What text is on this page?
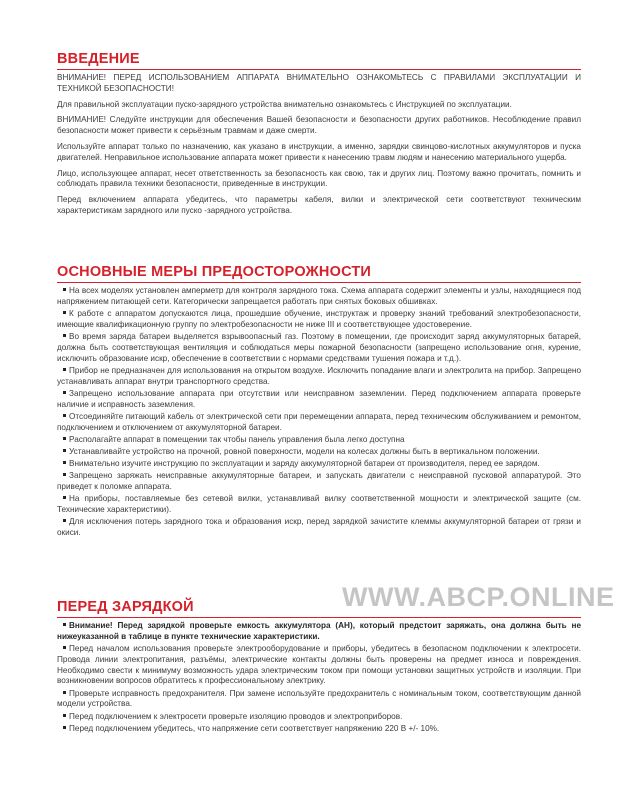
ВВЕДЕНИЕ

ВНИМАНИЕ! ПЕРЕД ИСПОЛЬЗОВАНИЕМ АППАРАТА ВНИМАТЕЛЬНО ОЗНАКОМЬТЕСЬ С ПРАВИЛАМИ ЭКСПЛУАТАЦИИ И ТЕХНИКОЙ БЕЗОПАСНОСТИ!

Для правильной эксплуатации пуско-зарядного устройства внимательно ознакомьтесь с Инструкцией по эксплуатации.

ВНИМАНИЕ! Следуйте инструкции для обеспечения Вашей безопасности и безопасности других работников. Несоблюдение правил безопасности может привести к серьёзным травмам и даже смерти.

Используйте аппарат только по назначению, как указано в инструкции, а именно, зарядки свинцово-кислотных аккумуляторов и пуска двигателей. Неправильное использование аппарата может привести к нанесению травм людям и нанесению материального ущерба.

Лицо, использующее аппарат, несет ответственность за безопасность как свою, так и других лиц. Поэтому важно прочитать, помнить и соблюдать правила техники безопасности, приведенные в инструкции.

Перед включением аппарата убедитесь, что параметры кабеля, вилки и электрической сети соответствуют техническим характеристикам зарядного или пуско -зарядного устройства.

ОСНОВНЫЕ МЕРЫ ПРЕДОСТОРОЖНОСТИ

На всех моделях установлен амперметр для контроля зарядного тока. Схема аппарата содержит элементы и узлы, находящиеся под напряжением питающей сети. Категорически запрещается работать при снятых боковых обшивках.

К работе с аппаратом допускаются лица, прошедшие обучение, инструктаж и проверку знаний требований электробезопасности, имеющие квалификационную группу по электробезопасности не ниже III и соответствующее удостоверение.

Во время заряда батареи выделяется взрывоопасный газ. Поэтому в помещении, где происходит заряд аккумуляторных батарей, должна быть соответствующая вентиляция и соблюдаться меры пожарной безопасности (запрещено использование огня, курение, исключить образование искр, обеспечение в соответствии с нормами средствами тушения пожара и т.д.).

Прибор не предназначен для использования на открытом воздухе. Исключить попадание влаги и электролита на прибор. Запрещено устанавливать аппарат внутри транспортного средства.

Запрещено использование аппарата при отсутствии или неисправном заземлении. Перед подключением аппарата проверьте наличие и исправность заземления.

Отсоединяйте питающий кабель от электрической сети при перемещении аппарата, перед техническим обслуживанием и ремонтом, подключением и отключением от аккумуляторной батареи.

Располагайте аппарат в помещении так чтобы панель управления была легко доступна

Устанавливайте устройство на прочной, ровной поверхности, модели на колесах должны быть в вертикальном положении.

Внимательно изучите инструкцию по эксплуатации и заряду аккумуляторной батареи от производителя, перед ее зарядом.

Запрещено заряжать неисправные аккумуляторные батареи, и запускать двигатели с неисправной пусковой аппаратурой. Это приведет к поломке аппарата.

На приборы, поставляемые без сетевой вилки, устанавливай вилку соответственной мощности и электрической защите (см. Технические характеристики).

Для исключения потерь зарядного тока и образования искр, перед зарядкой зачистите клеммы аккумуляторной батареи от грязи и окиси.

ПЕРЕД ЗАРЯДКОЙ

Внимание! Перед зарядкой проверьте емкость аккумулятора (АН), который предстоит заряжать, она должна быть не нижеуказанной в таблице в пункте технические характеристики.

Перед началом использования проверьте электрооборудование и приборы, убедитесь в безопасном подключении к электросети. Провода линии электропитания, разъёмы, электрические контакты должны быть проверены на предмет износа и повреждения. Необходимо свести к минимуму возможность удара электрическим током при помощи установки защитных устройств и изоляции. При возникновении вопросов обратитесь к профессиональному электрику.

Проверьте исправность предохранителя. При замене используйте предохранитель с номинальным током, соответствующим данной модели устройства.

Перед подключением к электросети проверьте изоляцию проводов и электроприборов.

Перед подключением убедитесь, что напряжение сети соответствует напряжению 220 В +/- 10%.

WWW.ABCP.ONLINE
